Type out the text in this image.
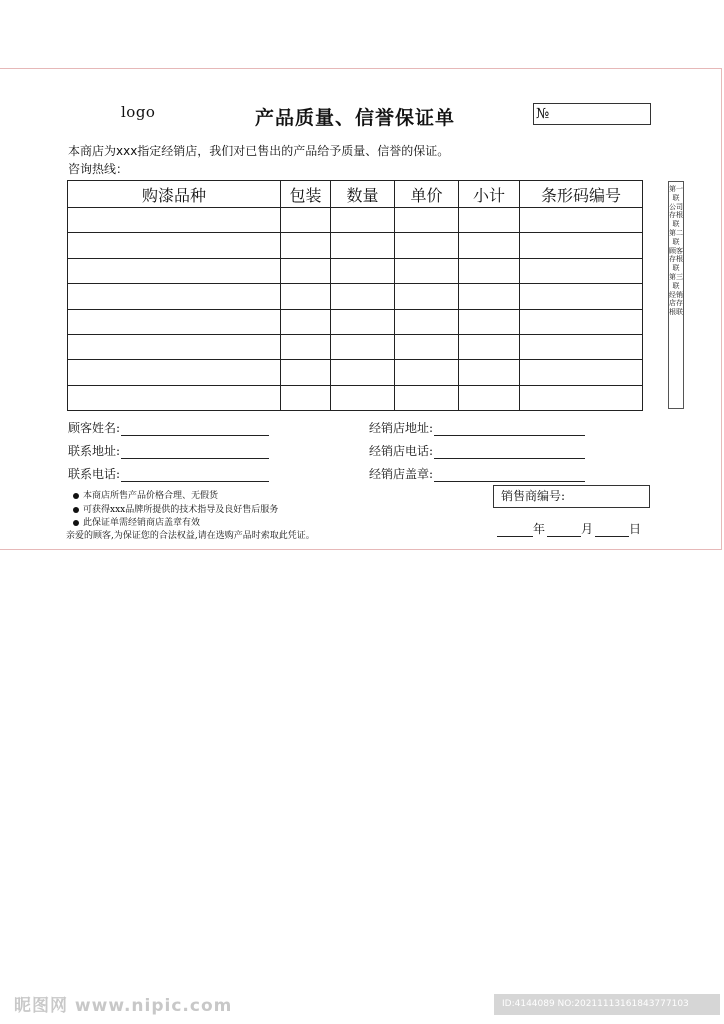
logo	产品质量、信誉保证单	№
本商店为xxx指定经销店，我们对已售出的产品给予质量、信誉的保证。
咨询热线：
购漆品种	包装	数量	单价	小计	条形码编号

顾客姓名:
联系地址:
联系电话:
经销店地址:
经销店电话:
经销店盖章:
本商店所售产品价格合理、无假货
可获得xxx品牌所提供的技术指导及良好售后服务
此保证单需经销商店盖章有效
亲爱的顾客,为保证您的合法权益,请在选购产品时索取此凭证。
销售商编号:
年	月	日
第一联
公司存根联
第二联
顾客存根联
第三联
经销店存根联
昵图网 www.nipic.com	ID:4144089 NO:20211113161843777103
